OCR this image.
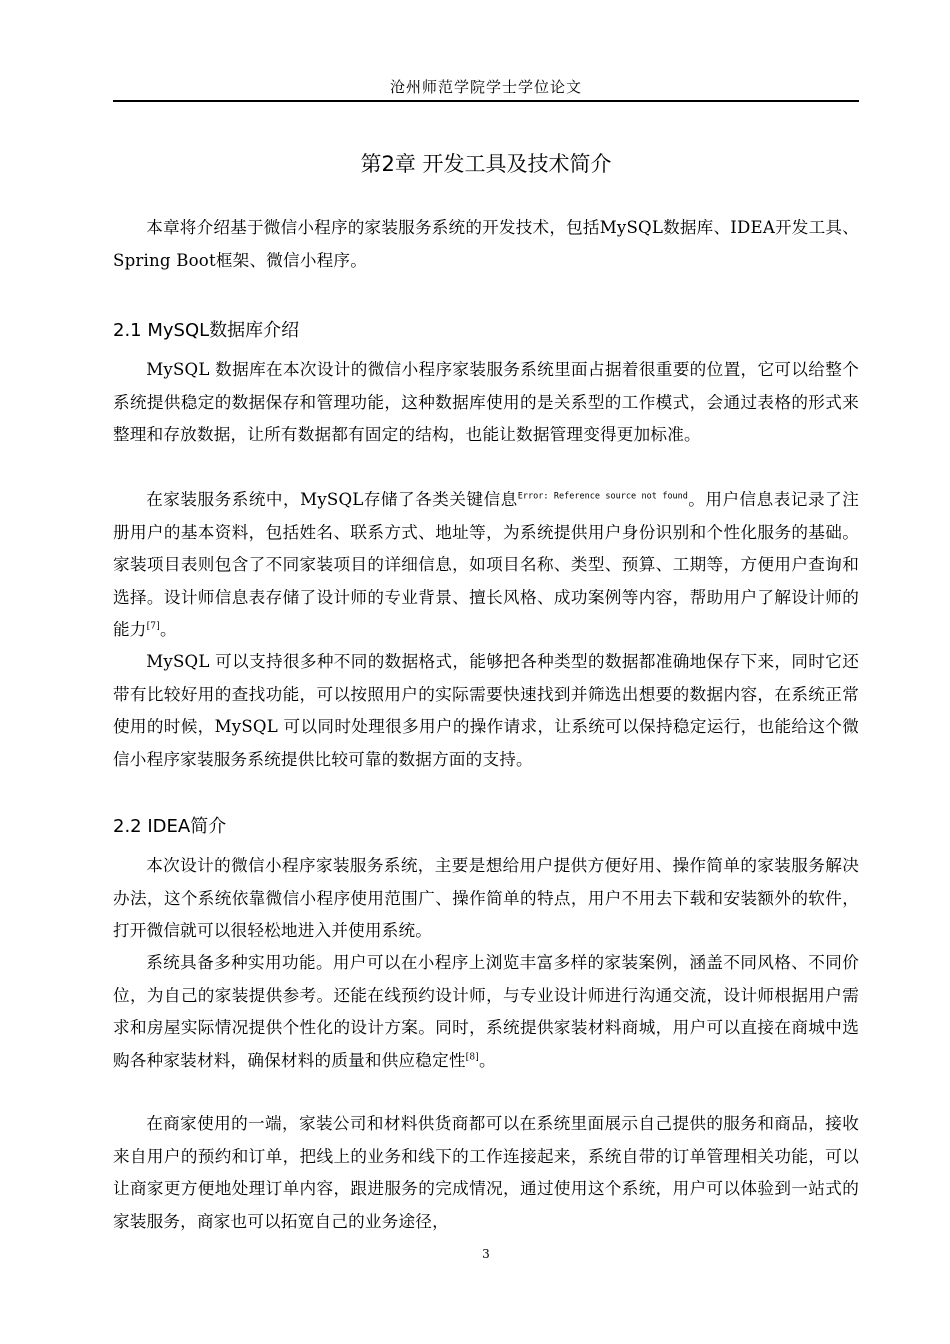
沧州师范学院学士学位论文
第2章 开发工具及技术简介

本章将介绍基于微信小程序的家装服务系统的开发技术，包括MySQL数据库、IDEA开发工具、Spring Boot框架、微信小程序。

2.1 MySQL数据库介绍

MySQL 数据库在本次设计的微信小程序家装服务系统里面占据着很重要的位置，它可以给整个系统提供稳定的数据保存和管理功能，这种数据库使用的是关系型的工作模式，会通过表格的形式来整理和存放数据，让所有数据都有固定的结构，也能让数据管理变得更加标准。

在家装服务系统中，MySQL存储了各类关键信息$^{Error: Reference source not found}$。用户信息表记录了注册用户的基本资料，包括姓名、联系方式、地址等，为系统提供用户身份识别和个性化服务的基础。家装项目表则包含了不同家装项目的详细信息，如项目名称、类型、预算、工期等，方便用户查询和选择。设计师信息表存储了设计师的专业背景、擅长风格、成功案例等内容，帮助用户了解设计师的能力[7]。

MySQL 可以支持很多种不同的数据格式，能够把各种类型的数据都准确地保存下来，同时它还带有比较好用的查找功能，可以按照用户的实际需要快速找到并筛选出想要的数据内容，在系统正常使用的时候，MySQL 可以同时处理很多用户的操作请求，让系统可以保持稳定运行，也能给这个微信小程序家装服务系统提供比较可靠的数据方面的支持。

2.2 IDEA简介

本次设计的微信小程序家装服务系统，主要是想给用户提供方便好用、操作简单的家装服务解决办法，这个系统依靠微信小程序使用范围广、操作简单的特点，用户不用去下载和安装额外的软件，打开微信就可以很轻松地进入并使用系统。

系统具备多种实用功能。用户可以在小程序上浏览丰富多样的家装案例，涵盖不同风格、不同价位，为自己的家装提供参考。还能在线预约设计师，与专业设计师进行沟通交流，设计师根据用户需求和房屋实际情况提供个性化的设计方案。同时，系统提供家装材料商城，用户可以直接在商城中选购各种家装材料，确保材料的质量和供应稳定性[8]。

在商家使用的一端，家装公司和材料供货商都可以在系统里面展示自己提供的服务和商品，接收来自用户的预约和订单，把线上的业务和线下的工作连接起来，系统自带的订单管理相关功能，可以让商家更方便地处理订单内容，跟进服务的完成情况，通过使用这个系统，用户可以体验到一站式的家装服务，商家也可以拓宽自己的业务途径，

3
